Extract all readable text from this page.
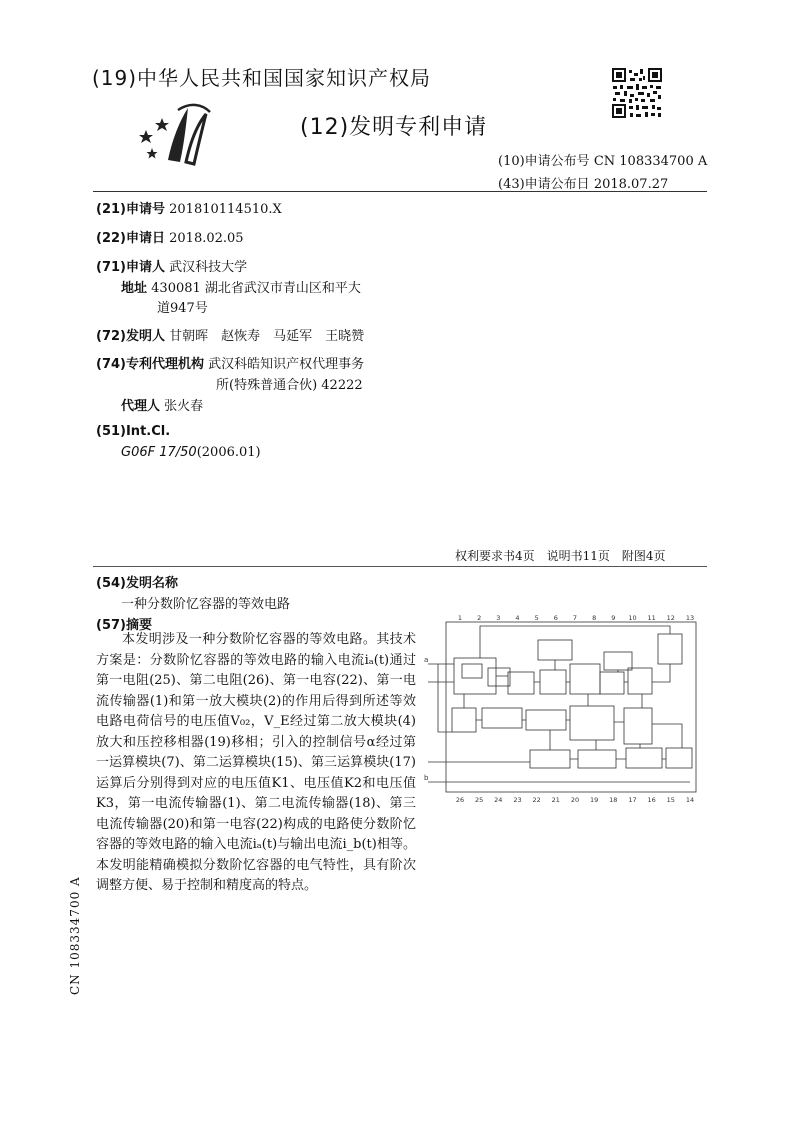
(19)中华人民共和国国家知识产权局
(12)发明专利申请
(10)申请公布号 CN 108334700 A
(43)申请公布日 2018.07.27
(21)申请号 201810114510.X
(22)申请日 2018.02.05
(71)申请人 武汉科技大学
地址 430081 湖北省武汉市青山区和平大
道947号
(72)发明人 甘朝晖　赵恢寿　马延军　王晓赞
(74)专利代理机构 武汉科皓知识产权代理事务
所(特殊普通合伙) 42222
代理人 张火春
(51)Int.Cl.
G06F 17/50(2006.01)
权利要求书4页　说明书11页　附图4页
(54)发明名称
一种分数阶忆容器的等效电路
(57)摘要
本发明涉及一种分数阶忆容器的等效电路。其技术方案是：分数阶忆容器的等效电路的输入电流iₐ(t)通过第一电阻(25)、第二电阻(26)、第一电容(22)、第一电流传输器(1)和第一放大模块(2)的作用后得到所述等效电路电荷信号的电压值V₀₂，V_E经过第二放大模块(4)放大和压控移相器(19)移相；引入的控制信号α经过第一运算模块(7)、第二运算模块(15)、第三运算模块(17)运算后分别得到对应的电压值K1、电压值K2和电压值K3，第一电流传输器(1)、第二电流传输器(18)、第三电流传输器(20)和第一电容(22)构成的电路使分数阶忆容器的等效电路的输入电流iₐ(t)与输出电流i_b(t)相等。本发明能精确模拟分数阶忆容器的电气特性，具有阶次调整方便、易于控制和精度高的特点。
CN 108334700 A
a
b
1 2 3 4 5 6 7 8 9 10 11 12 13
26 25 24 23 22 21 20 19 18 17 16 15 14
